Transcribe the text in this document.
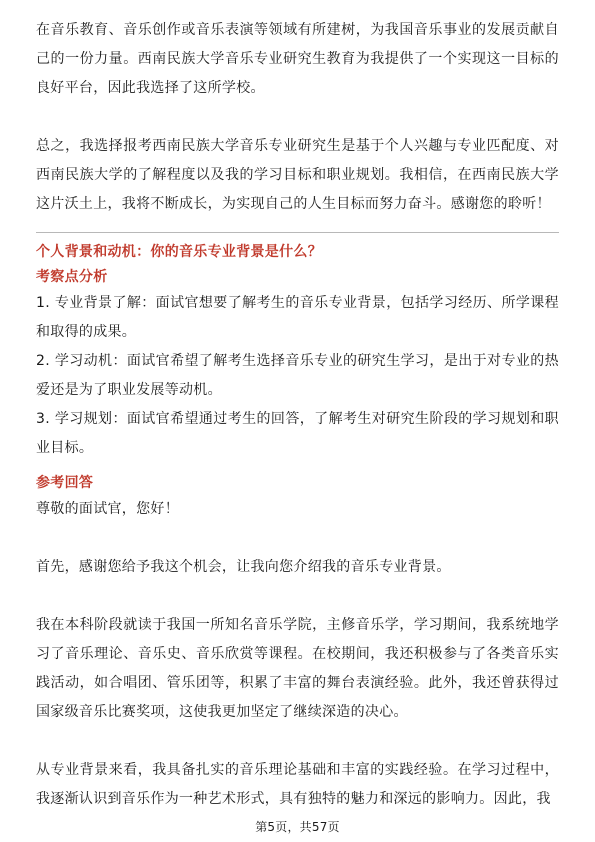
在音乐教育、音乐创作或音乐表演等领域有所建树，为我国音乐事业的发展贡献自己的一份力量。西南民族大学音乐专业研究生教育为我提供了一个实现这一目标的良好平台，因此我选择了这所学校。

总之，我选择报考西南民族大学音乐专业研究生是基于个人兴趣与专业匹配度、对西南民族大学的了解程度以及我的学习目标和职业规划。我相信，在西南民族大学这片沃土上，我将不断成长，为实现自己的人生目标而努力奋斗。感谢您的聆听！

个人背景和动机：你的音乐专业背景是什么？

考察点分析

1. 专业背景了解：面试官想要了解考生的音乐专业背景，包括学习经历、所学课程和取得的成果。

2. 学习动机：面试官希望了解考生选择音乐专业的研究生学习，是出于对专业的热爱还是为了职业发展等动机。

3. 学习规划：面试官希望通过考生的回答，了解考生对研究生阶段的学习规划和职业目标。

参考回答

尊敬的面试官，您好！

首先，感谢您给予我这个机会，让我向您介绍我的音乐专业背景。

我在本科阶段就读于我国一所知名音乐学院，主修音乐学，学习期间，我系统地学习了音乐理论、音乐史、音乐欣赏等课程。在校期间，我还积极参与了各类音乐实践活动，如合唱团、管乐团等，积累了丰富的舞台表演经验。此外，我还曾获得过国家级音乐比赛奖项，这使我更加坚定了继续深造的决心。

从专业背景来看，我具备扎实的音乐理论基础和丰富的实践经验。在学习过程中，我逐渐认识到音乐作为一种艺术形式，具有独特的魅力和深远的影响力。因此，我

第5页，共57页
